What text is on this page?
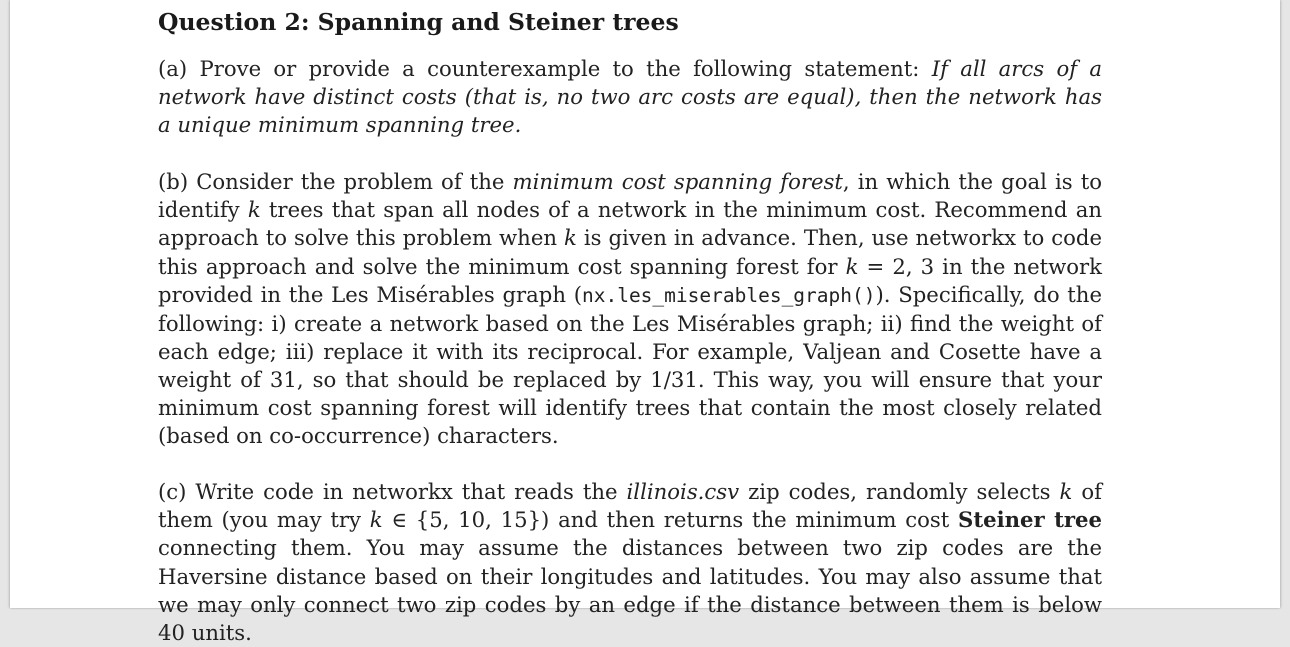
Question 2: Spanning and Steiner trees

(a) Prove or provide a counterexample to the following statement: If all arcs of a network have distinct costs (that is, no two arc costs are equal), then the network has a unique minimum spanning tree.

(b) Consider the problem of the minimum cost spanning forest, in which the goal is to identify k trees that span all nodes of a network in the minimum cost. Recommend an approach to solve this problem when k is given in advance. Then, use networkx to code this approach and solve the minimum cost spanning forest for k = 2, 3 in the network provided in the Les Misérables graph (nx.les_miserables_graph()). Specifically, do the following: i) create a network based on the Les Misérables graph; ii) find the weight of each edge; iii) replace it with its reciprocal. For example, Valjean and Cosette have a weight of 31, so that should be replaced by 1/31. This way, you will ensure that your minimum cost spanning forest will identify trees that contain the most closely related (based on co-occurrence) characters.

(c) Write code in networkx that reads the illinois.csv zip codes, randomly selects k of them (you may try k ∈ {5, 10, 15}) and then returns the minimum cost Steiner tree connecting them. You may assume the distances between two zip codes are the Haversine distance based on their longitudes and latitudes. You may also assume that we may only connect two zip codes by an edge if the distance between them is below 40 units.
